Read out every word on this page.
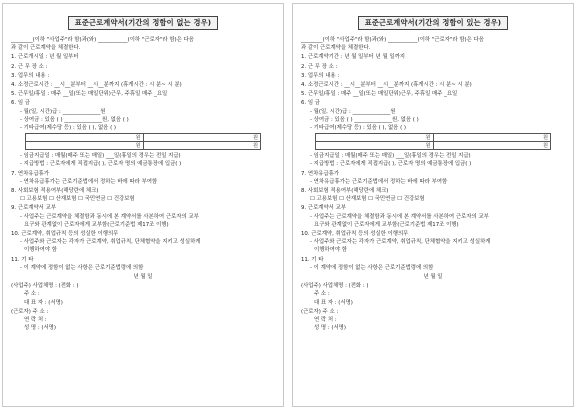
표준근로계약서(기간의 정함이 없는 경우)
________(이하 "사업주"라 함)과(와) ___________(이하 "근로자"라 함)은 다음
과 같이 근로계약을 체결한다.
1. 근로개시일 : 년 월 일부터
2. 근 무 장 소 :
3. 업무의 내용 :
4. 소정근로시간 : __시__분부터 __시__분까지 (휴게시간 : 시 분~ 시 분)
5. 근무일/휴일 : 매주 __일(또는 매일단위)근무, 주휴일 매주 _요일
6. 임 금
- 월(일, 시간)급 : ______________원
- 상여금 : 있음 ( ) ______________원, 없음 ( )
- 기타급여(제수당 등) : 있음 ( ), 없음 ( )
원	원
원	원
- 임금지급일 : 매월(매주 또는 매일) ___일(휴일의 경우는 전일 지급)
- 지급방법 : 근로자에게 직접지급( ), 근로자 명의 예금통장에 입금( )
7. 연차유급휴가
- 연차유급휴가는 근로기준법에서 정하는 바에 따라 부여함
8. 사회보험 적용여부(해당란에 체크)
☐ 고용보험 ☐ 산재보험 ☐ 국민연금 ☐ 건강보험
9. 근로계약서 교부
- 사업주는 근로계약을 체결함과 동시에 본 계약서를 사본하여 근로자의 교부
요구와 관계없이 근로자에게 교부함(근로기준법 제17조 이행)
10. 근로계약, 취업규칙 등의 성실한 이행의무
- 사업주와 근로자는 각자가 근로계약, 취업규칙, 단체협약을 지키고 성실하게
이행하여야 함
11. 기 타
- 이 계약에 정함이 없는 사항은 근로기준법령에 의함
년 월 일
(사업주) 사업체명 : (전화 : )
주 소 :
대 표 자 : (서명)
(근로자) 주 소 :
연 락 처 :
성 명 : (서명)
표준근로계약서(기간의 정함이 있는 경우)
________(이하 "사업주"라 함)과(와) ___________(이하 "근로자"라 함)은 다음
과 같이 근로계약을 체결한다.
1. 근로계약기간 : 년 월 일부터 년 월 일까지
2. 근 무 장 소 :
3. 업무의 내용 :
4. 소정근로시간 : __시__분부터 __시__분까지 (휴게시간 : 시 분~ 시 분)
5. 근무일/휴일 : 매주 __일(또는 매일단위)근무, 주휴일 매주 _요일
6. 임 금
- 월(일, 시간)급 : ______________원
- 상여금 : 있음 ( ) ______________원, 없음 ( )
- 기타급여(제수당 등) : 있음 ( ), 없음 ( )
원	원
원	원
- 임금지급일 : 매월(매주 또는 매일) ___일(휴일의 경우는 전일 지급)
- 지급방법 : 근로자에게 직접지급( ), 근로자 명의 예금통장에 입금( )
7. 연차유급휴가
- 연차유급휴가는 근로기준법에서 정하는 바에 따라 부여함
8. 사회보험 적용여부(해당란에 체크)
☐ 고용보험 ☐ 산재보험 ☐ 국민연금 ☐ 건강보험
9. 근로계약서 교부
- 사업주는 근로계약을 체결함과 동시에 본 계약서를 사본하여 근로자의 교부
요구와 관계없이 근로자에게 교부함(근로기준법 제17조 이행)
10. 근로계약, 취업규칙 등의 성실한 이행의무
- 사업주와 근로자는 각자가 근로계약, 취업규칙, 단체협약을 지키고 성실하게
이행하여야 함
11. 기 타
- 이 계약에 정함이 없는 사항은 근로기준법령에 의함
년 월 일
(사업주) 사업체명 : (전화 : )
주 소 :
대 표 자 : (서명)
(근로자) 주 소 :
연 락 처 :
성 명 : (서명)
